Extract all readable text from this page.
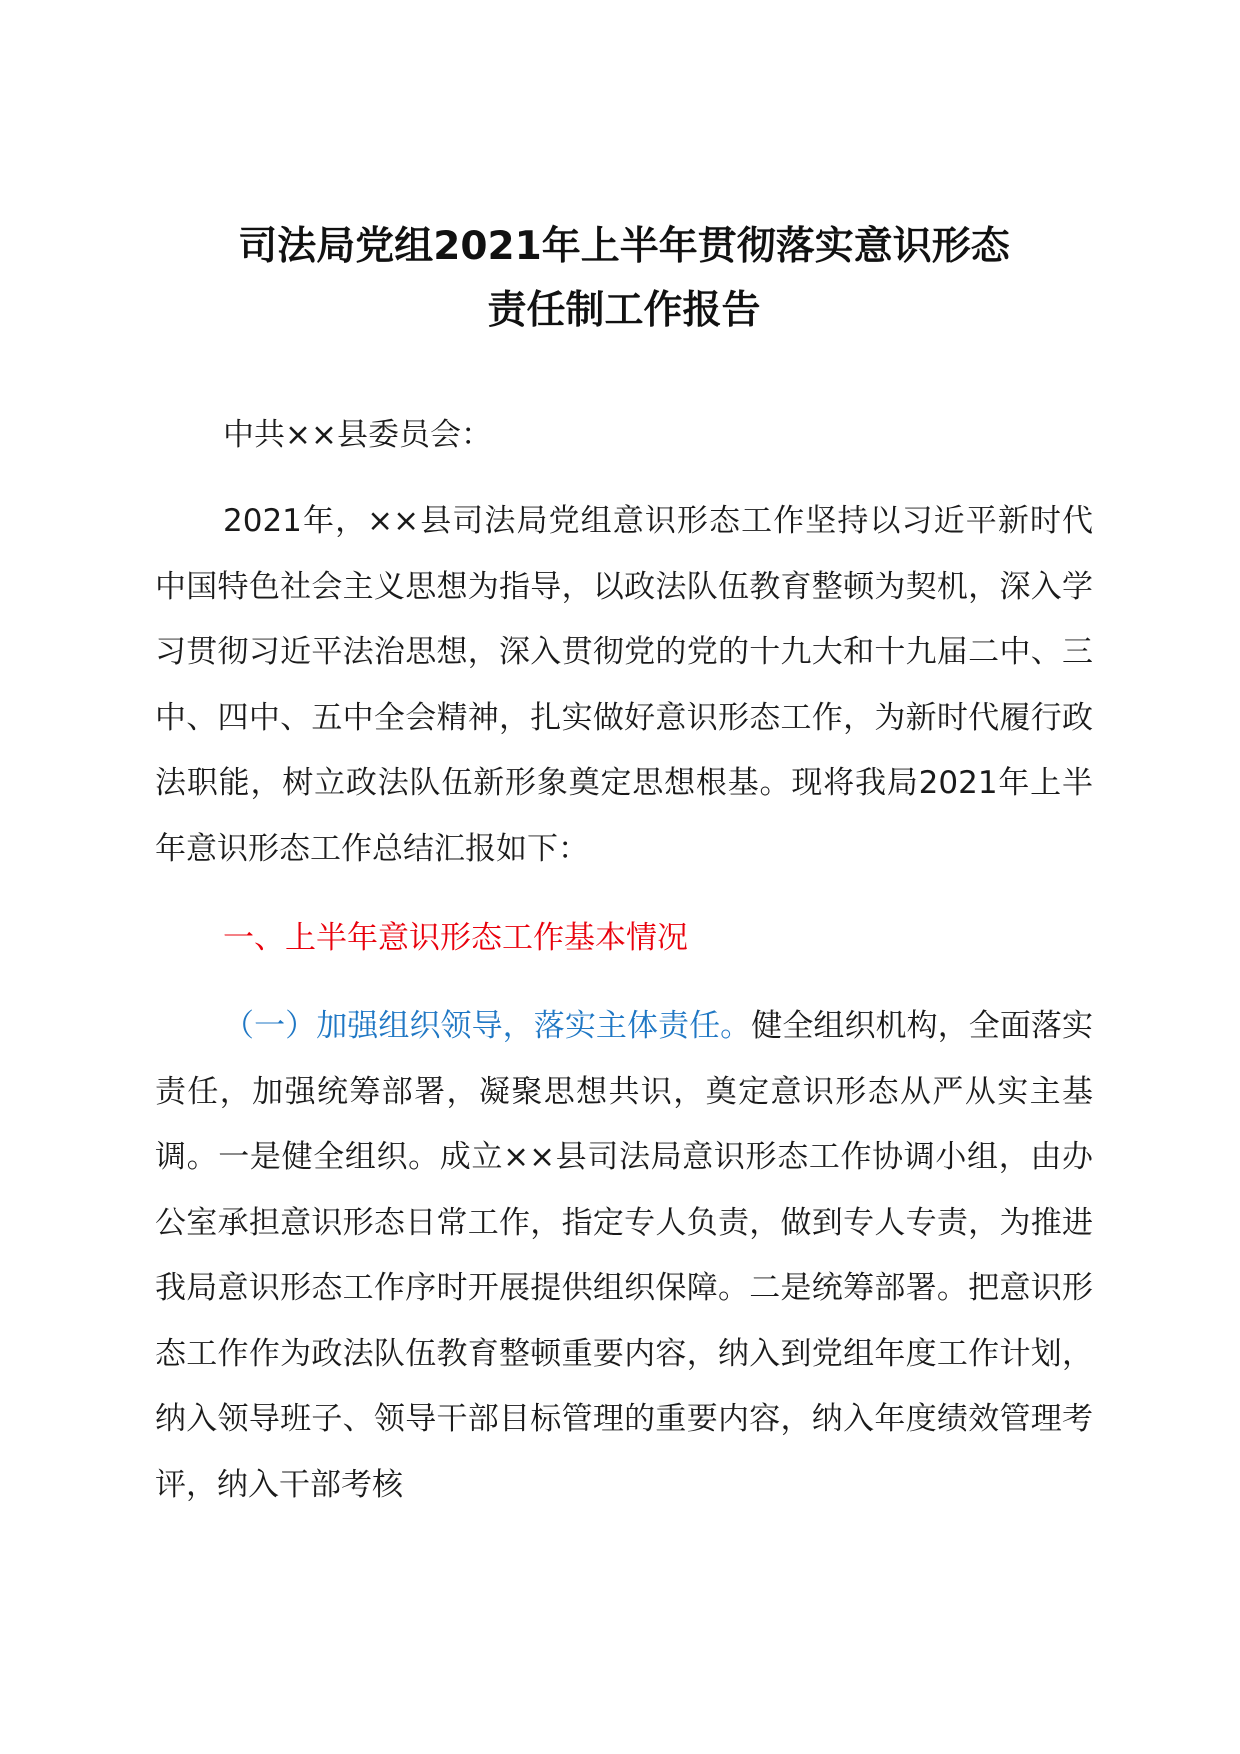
司法局党组2021年上半年贯彻落实意识形态
责任制工作报告

中共××县委员会：

2021年，××县司法局党组意识形态工作坚持以习近平新时代中国特色社会主义思想为指导，以政法队伍教育整顿为契机，深入学习贯彻习近平法治思想，深入贯彻党的党的十九大和十九届二中、三中、四中、五中全会精神，扎实做好意识形态工作，为新时代履行政法职能，树立政法队伍新形象奠定思想根基。现将我局2021年上半年意识形态工作总结汇报如下：

一、上半年意识形态工作基本情况

（一）加强组织领导，落实主体责任。健全组织机构，全面落实责任，加强统筹部署，凝聚思想共识，奠定意识形态从严从实主基调。一是健全组织。成立××县司法局意识形态工作协调小组，由办公室承担意识形态日常工作，指定专人负责，做到专人专责，为推进我局意识形态工作序时开展提供组织保障。二是统筹部署。把意识形态工作作为政法队伍教育整顿重要内容，纳入到党组年度工作计划，纳入领导班子、领导干部目标管理的重要内容，纳入年度绩效管理考评，纳入干部考核
